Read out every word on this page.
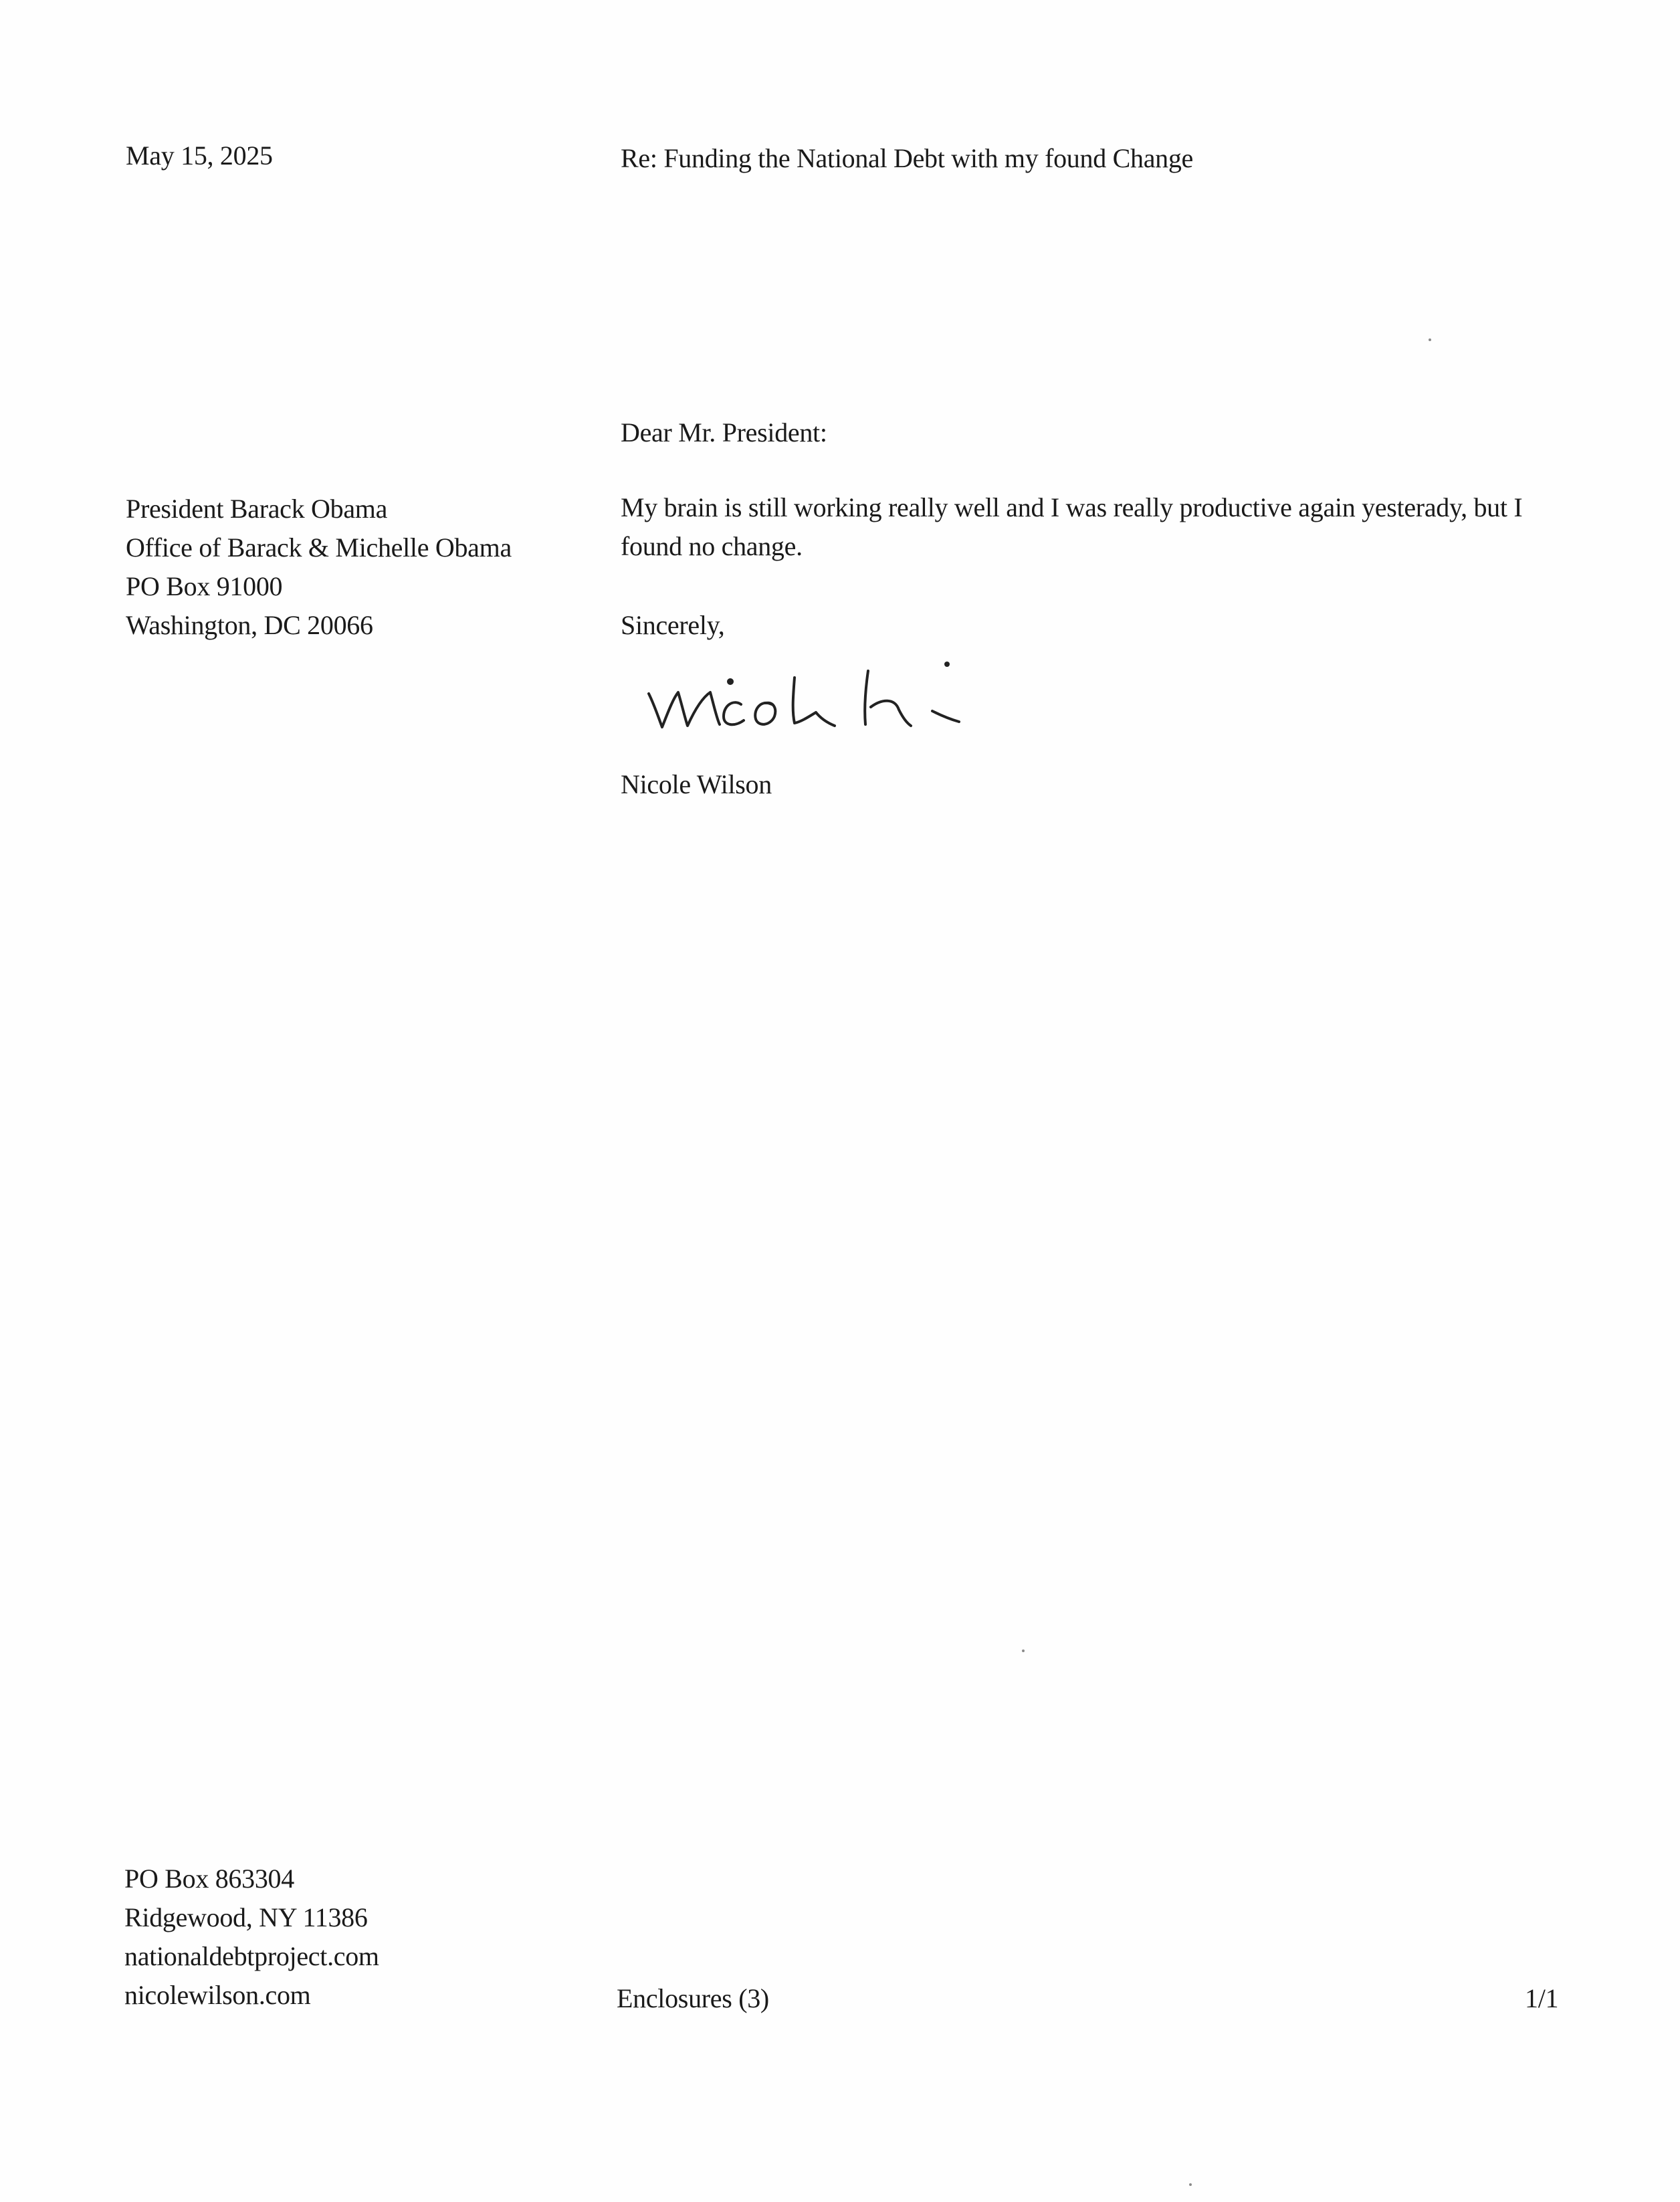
May 15, 2025	Re: Funding the National Debt with my found Change
Dear Mr. President:
President Barack Obama
Office of Barack & Michelle Obama
PO Box 91000
Washington, DC 20066
My brain is still working really well and I was really productive again yesterady, but I found no change.
Sincerely,
Nicole Wilson
PO Box 863304
Ridgewood, NY 11386
nationaldebtproject.com
nicolewilson.com	Enclosures (3)	1/1
